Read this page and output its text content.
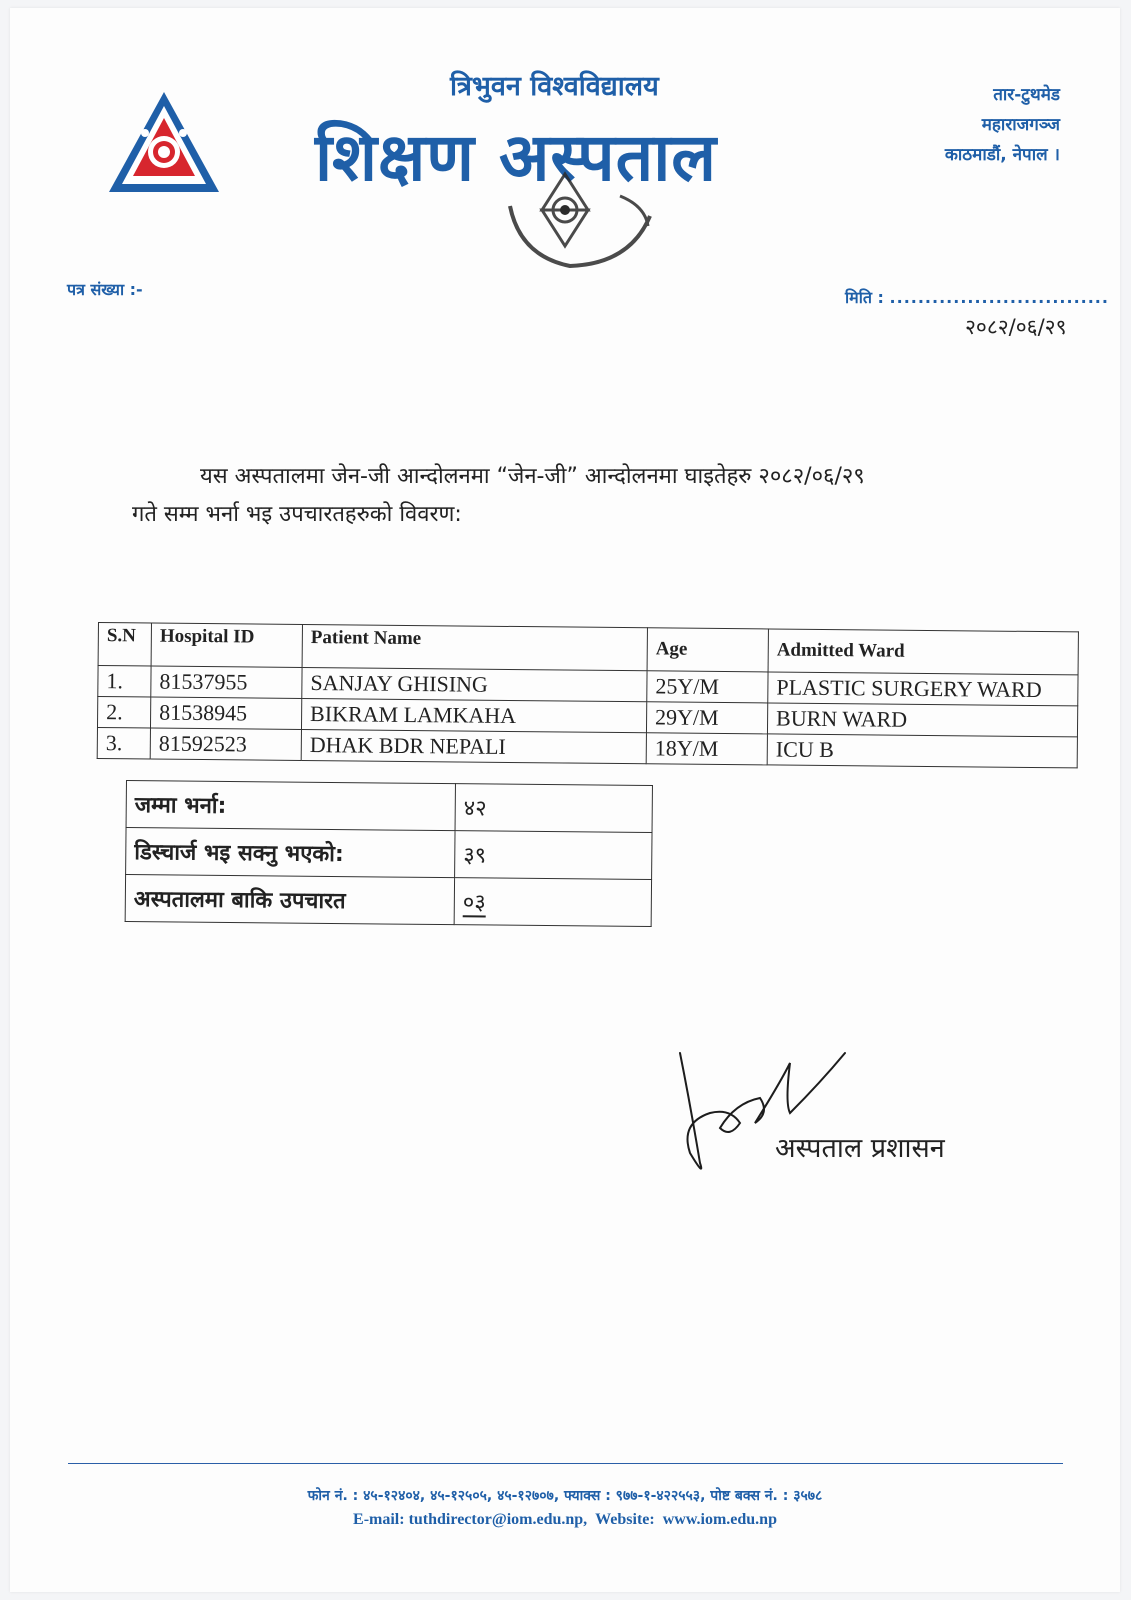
त्रिभुवन विश्वविद्यालय
शिक्षण अस्पताल
तार-टुथमेड
महाराजगञ्ज
काठमाडौं, नेपाल ।
पत्र संख्या :-	मिति : ...............................
२०८२/०६/२९
यस अस्पतालमा जेन-जी आन्दोलनमा “जेन-जी” आन्दोलनमा घाइतेहरु २०८२/०६/२९
गते सम्म भर्ना भइ उपचारतहरुको विवरण:
S.N	Hospital ID	Patient Name	Age	Admitted Ward
1.	81537955	SANJAY GHISING	25Y/M	PLASTIC SURGERY WARD
2.	81538945	BIKRAM LAMKAHA	29Y/M	BURN WARD
3.	81592523	DHAK BDR NEPALI	18Y/M	ICU B
जम्मा भर्ना:	४२
डिस्चार्ज भइ सक्नु भएको:	३९
अस्पतालमा बाकि उपचारत	०३
अस्पताल प्रशासन
फोन नं. : ४५-१२४०४, ४५-१२५०५, ४५-१२७०७, फ्याक्स : ९७७-१-४२२५५३, पोष्ट बक्स नं. : ३५७८
E-mail: tuthdirector@iom.edu.np, Website: www.iom.edu.np
